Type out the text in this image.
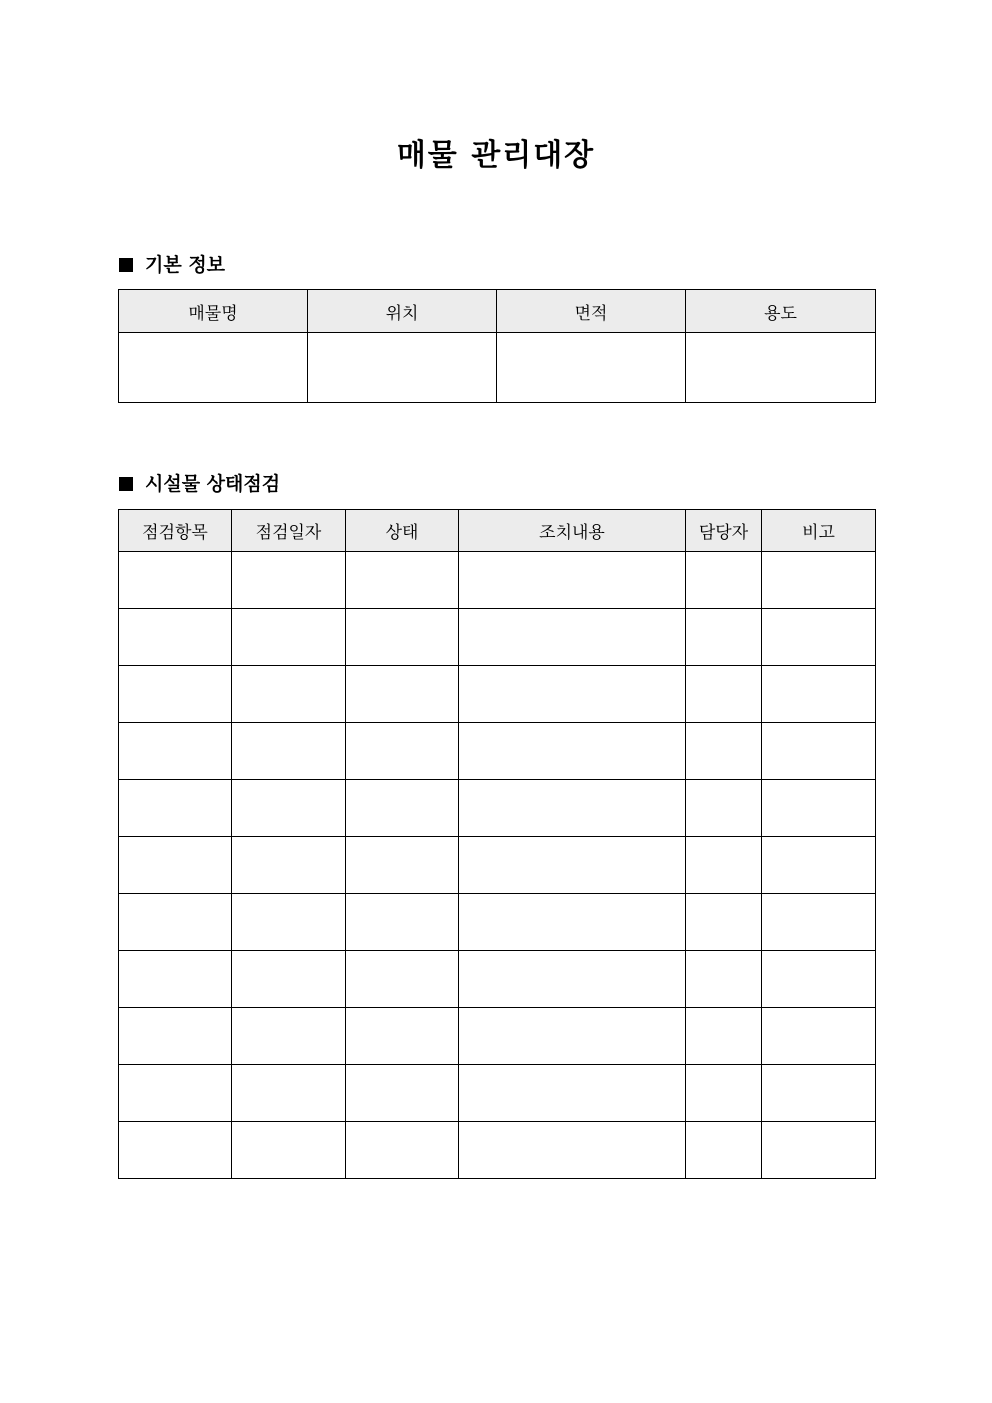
매물 관리대장
기본 정보
매물명	위치	면적	용도

시설물 상태점검
점검항목	점검일자	상태	조치내용	담당자	비고
